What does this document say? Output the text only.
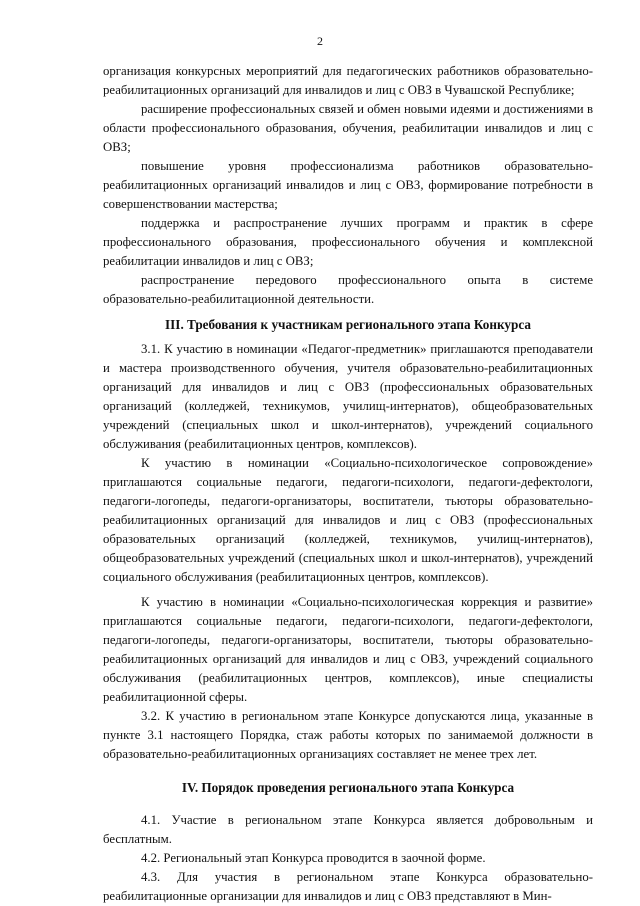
2

организация конкурсных мероприятий для педагогических работников образовательно-реабилитационных организаций для инвалидов и лиц с ОВЗ в Чувашской Республике;

расширение профессиональных связей и обмен новыми идеями и достижениями в области профессионального образования, обучения, реабилитации инвалидов и лиц с ОВЗ;

повышение уровня профессионализма работников образовательно-реабилитационных организаций инвалидов и лиц с ОВЗ, формирование потребности в совершенствовании мастерства;

поддержка и распространение лучших программ и практик в сфере профессионального образования, профессионального обучения и комплексной реабилитации инвалидов и лиц с ОВЗ;

распространение передового профессионального опыта в системе образовательно-реабилитационной деятельности.

III. Требования к участникам регионального этапа Конкурса

3.1. К участию в номинации «Педагог-предметник» приглашаются преподаватели и мастера производственного обучения, учителя образовательно-реабилитационных организаций для инвалидов и лиц с ОВЗ (профессиональных образовательных организаций (колледжей, техникумов, училищ-интернатов), общеобразовательных учреждений (специальных школ и школ-интернатов), учреждений социального обслуживания (реабилитационных центров, комплексов).

К участию в номинации «Социально-психологическое сопровождение» приглашаются социальные педагоги, педагоги-психологи, педагоги-дефектологи, педагоги-логопеды, педагоги-организаторы, воспитатели, тьюторы образовательно-реабилитационных организаций для инвалидов и лиц с ОВЗ (профессиональных образовательных организаций (колледжей, техникумов, училищ-интернатов), общеобразовательных учреждений (специальных школ и школ-интернатов), учреждений социального обслуживания (реабилитационных центров, комплексов).

К участию в номинации «Социально-психологическая коррекция и развитие» приглашаются социальные педагоги, педагоги-психологи, педагоги-дефектологи, педагоги-логопеды, педагоги-организаторы, воспитатели, тьюторы образовательно-реабилитационных организаций для инвалидов и лиц с ОВЗ, учреждений социального обслуживания (реабилитационных центров, комплексов), иные специалисты реабилитационной сферы.

3.2. К участию в региональном этапе Конкурсе допускаются лица, указанные в пункте 3.1 настоящего Порядка, стаж работы которых по занимаемой должности в образовательно-реабилитационных организациях составляет не менее трех лет.

IV. Порядок проведения регионального этапа Конкурса

4.1. Участие в региональном этапе Конкурса является добровольным и бесплатным.

4.2. Региональный этап Конкурса проводится в заочной форме.

4.3. Для участия в региональном этапе Конкурса образовательно-реабилитационные организации для инвалидов и лиц с ОВЗ представляют в Мин-
